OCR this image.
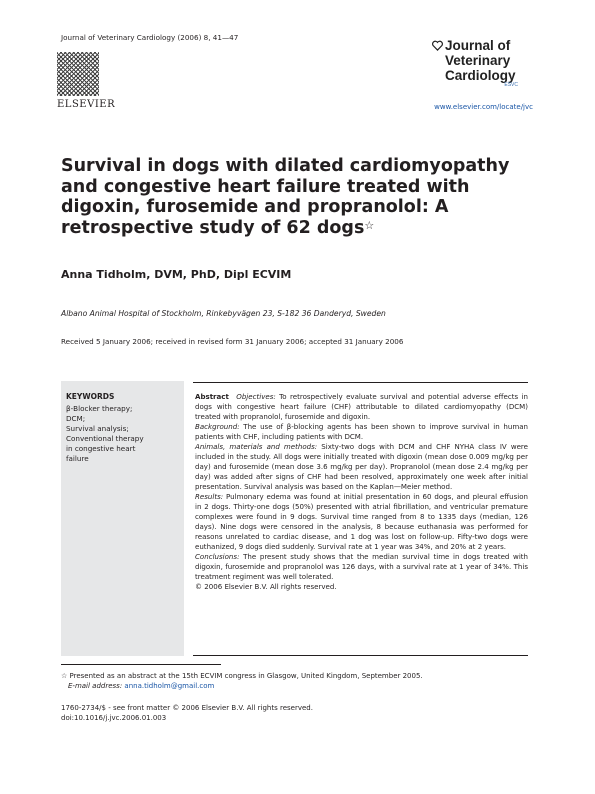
Journal of Veterinary Cardiology (2006) 8, 41—47
ELSEVIER
Journal of
Veterinary
Cardiology
ESVC
www.elsevier.com/locate/jvc
Survival in dogs with dilated cardiomyopathy and congestive heart failure treated with digoxin, furosemide and propranolol: A retrospective study of 62 dogs☆
Anna Tidholm, DVM, PhD, Dipl ECVIM
Albano Animal Hospital of Stockholm, Rinkebyvägen 23, S-182 36 Danderyd, Sweden
Received 5 January 2006; received in revised form 31 January 2006; accepted 31 January 2006
KEYWORDS
β-Blocker therapy;
DCM;
Survival analysis;
Conventional therapy
in congestive heart
failure

Abstract Objectives: To retrospectively evaluate survival and potential adverse effects in dogs with congestive heart failure (CHF) attributable to dilated cardiomyopathy (DCM) treated with propranolol, furosemide and digoxin.

Background: The use of β-blocking agents has been shown to improve survival in human patients with CHF, including patients with DCM.

Animals, materials and methods: Sixty-two dogs with DCM and CHF NYHA class IV were included in the study. All dogs were initially treated with digoxin (mean dose 0.009 mg/kg per day) and furosemide (mean dose 3.6 mg/kg per day). Propranolol (mean dose 2.4 mg/kg per day) was added after signs of CHF had been resolved, approximately one week after initial presentation. Survival analysis was based on the Kaplan—Meier method.

Results: Pulmonary edema was found at initial presentation in 60 dogs, and pleural effusion in 2 dogs. Thirty-one dogs (50%) presented with atrial fibrillation, and ventricular premature complexes were found in 9 dogs. Survival time ranged from 8 to 1335 days (median, 126 days). Nine dogs were censored in the analysis, 8 because euthanasia was performed for reasons unrelated to cardiac disease, and 1 dog was lost on follow-up. Fifty-two dogs were euthanized, 9 dogs died suddenly. Survival rate at 1 year was 34%, and 20% at 2 years.

Conclusions: The present study shows that the median survival time in dogs treated with digoxin, furosemide and propranolol was 126 days, with a survival rate at 1 year of 34%. This treatment regiment was well tolerated.

© 2006 Elsevier B.V. All rights reserved.

☆ Presented as an abstract at the 15th ECVIM congress in Glasgow, United Kingdom, September 2005.
E-mail address: anna.tidholm@gmail.com
1760-2734/$ - see front matter © 2006 Elsevier B.V. All rights reserved.
doi:10.1016/j.jvc.2006.01.003
